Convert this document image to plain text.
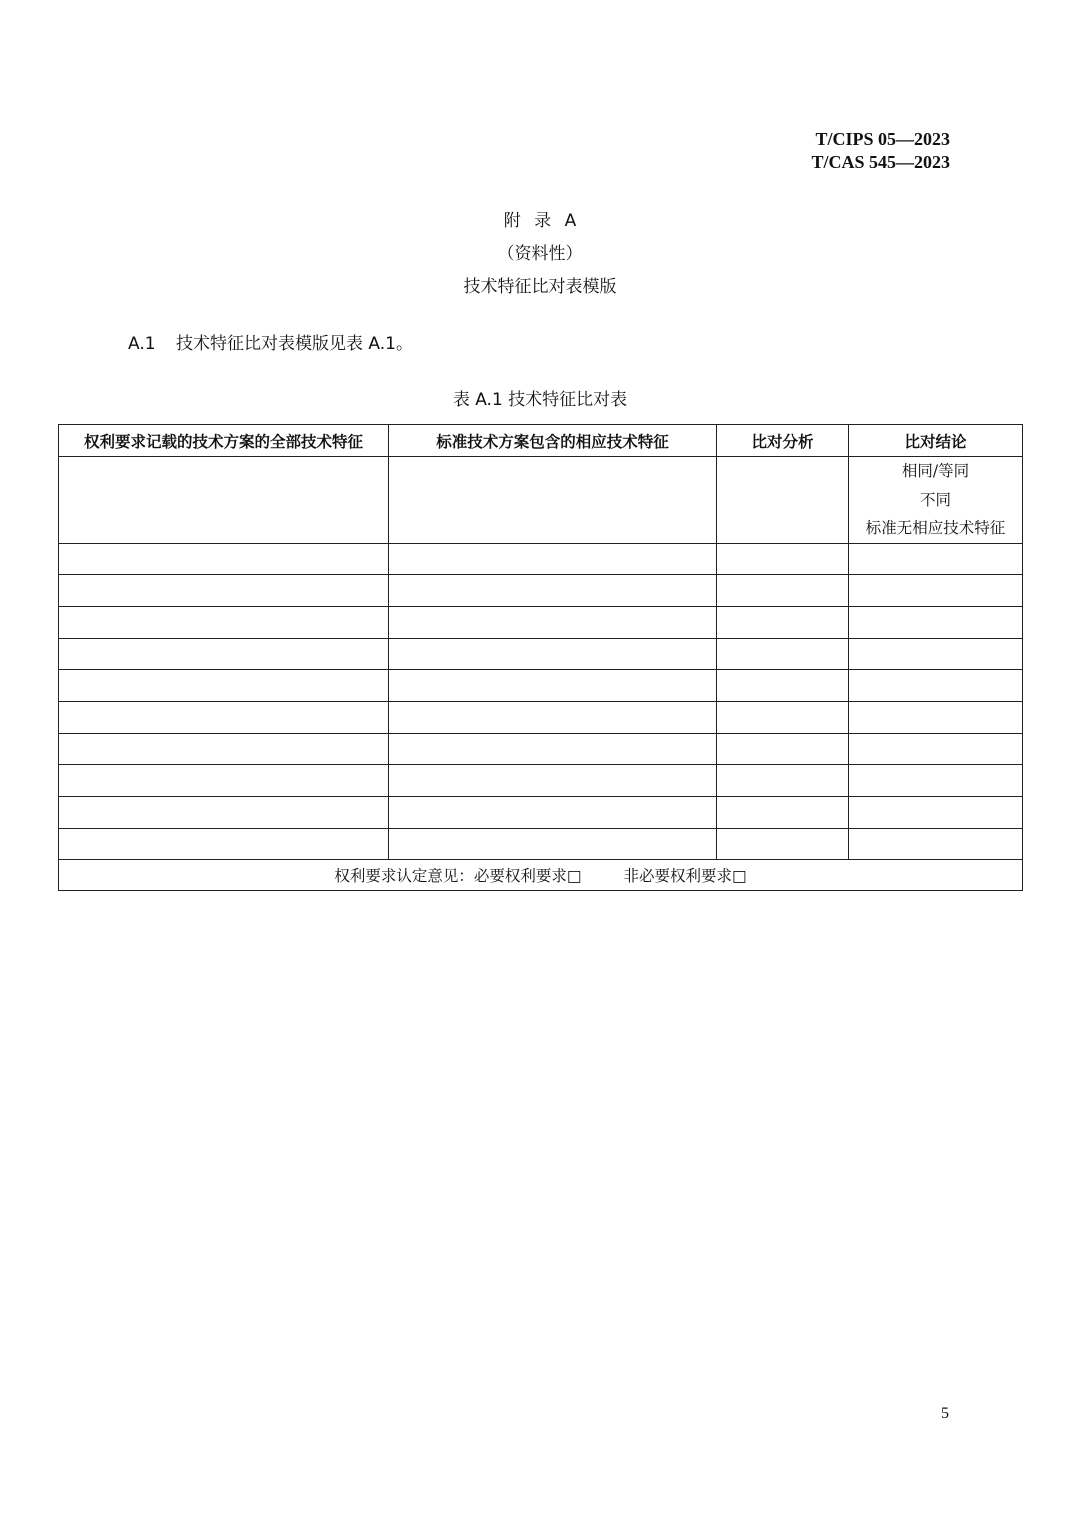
T/CIPS 05—2023
T/CAS 545—2023
附 录 A
（资料性）
技术特征比对表模版
A.1 技术特征比对表模版见表 A.1。
表 A.1 技术特征比对表
权利要求记载的技术方案的全部技术特征	标准技术方案包含的相应技术特征	比对分析	比对结论

			相同/等同
不同
标准无相应技术特征

权利要求认定意见：必要权利要求□ 非必要权利要求□			
5
